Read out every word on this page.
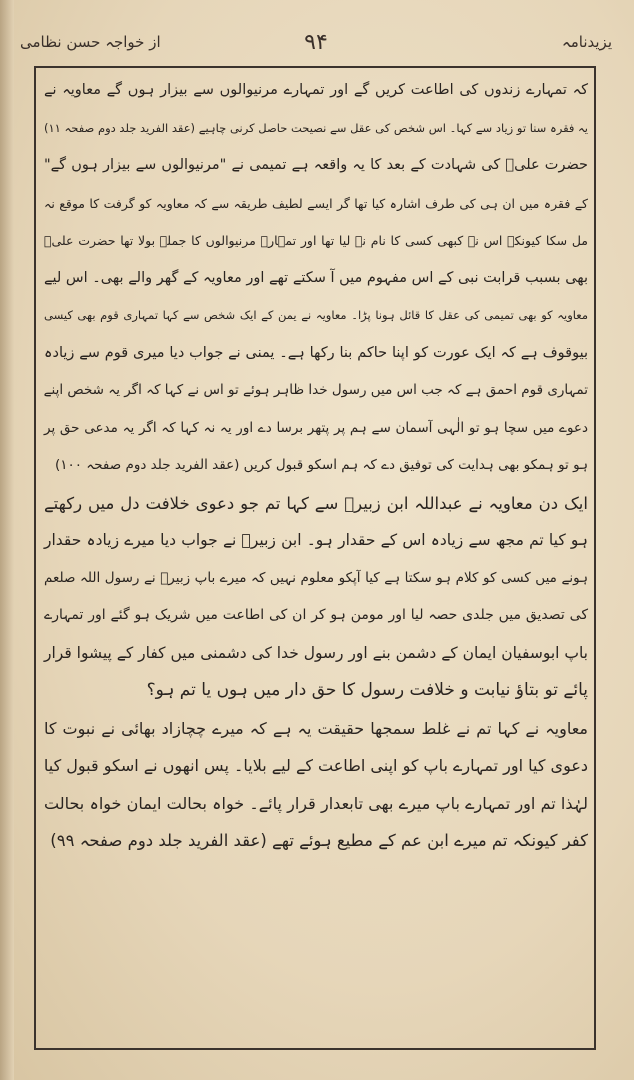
یزیدنامہ
۹۴
از خواجہ حسن نظامی
کہ تمہارے زندوں کی اطاعت کریں گے اور تمہارے مرنیوالوں سے بیزار ہوں گے معاویہ نے
یہ فقرہ سنا تو زیاد سے کہا۔ اس شخص کی عقل سے نصیحت حاصل کرنی چاہیے (عقد الفرید جلد دوم صفحہ ۱۱)
حضرت علیؓ کی شہادت کے بعد کا یہ واقعہ ہے تمیمی نے "مرنیوالوں سے بیزار ہوں گے"
کے فقرہ میں ان ہی کی طرف اشارہ کیا تھا گر ایسے لطیف طریقہ سے کہ معاویہ کو گرفت کا موقع نہ
مل سکا کیونکہ اس نے کبھی کسی کا نام نہ لیا تھا اور تمہارے مرنیوالوں کا جملہ بولا تھا حضرت علیؓ
بھی بسبب قرابت نبی کے اس مفہوم میں آ سکتے تھے اور معاویہ کے گھر والے بھی۔ اس لیے
معاویہ کو بھی تمیمی کی عقل کا قائل ہونا پڑا۔ معاویہ نے یمن کے ایک شخص سے کہا تمہاری قوم بھی کیسی
بیوقوف ہے کہ ایک عورت کو اپنا حاکم بنا رکھا ہے۔ یمنی نے جواب دیا میری قوم سے زیادہ
تمہاری قوم احمق ہے کہ جب اس میں رسول خدا ظاہر ہوئے تو اس نے کہا کہ اگر یہ شخص اپنے
دعوے میں سچا ہو تو الٰہی آسمان سے ہم پر پتھر برسا دے اور یہ نہ کہا کہ اگر یہ مدعی حق پر
ہو تو ہمکو بھی ہدایت کی توفیق دے کہ ہم اسکو قبول کریں (عقد الفرید جلد دوم صفحہ ۱۰۰)
ایک دن معاویہ نے عبداللہ ابن زبیرؓ سے کہا تم جو دعوی خلافت دل میں رکھتے
ہو کیا تم مجھ سے زیادہ اس کے حقدار ہو۔ ابن زبیرؓ نے جواب دیا میرے زیادہ حقدار
ہونے میں کسی کو کلام ہو سکتا ہے کیا آپکو معلوم نہیں کہ میرے باپ زبیرؓ نے رسول اللہ صلعم
کی تصدیق میں جلدی حصہ لیا اور مومن ہو کر ان کی اطاعت میں شریک ہو گئے اور تمہارے
باپ ابوسفیان ایمان کے دشمن بنے اور رسول خدا کی دشمنی میں کفار کے پیشوا قرار
پائے تو بتاؤ نیابت و خلافت رسول کا حق دار میں ہوں یا تم ہو؟
معاویہ نے کہا تم نے غلط سمجھا حقیقت یہ ہے کہ میرے چچازاد بھائی نے نبوت کا
دعوی کیا اور تمہارے باپ کو اپنی اطاعت کے لیے بلایا۔ پس انھوں نے اسکو قبول کیا
لہٰذا تم اور تمہارے باپ میرے بھی تابعدار قرار پائے۔ خواہ بحالت ایمان خواہ بحالت
کفر کیونکہ تم میرے ابن عم کے مطیع ہوئے تھے (عقد الفرید جلد دوم صفحہ ۹۹)
